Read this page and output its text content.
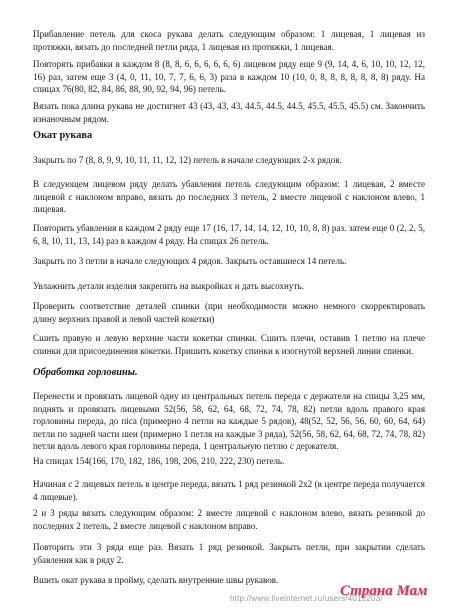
Прибавление петель для скоса рукава делать следующим образом: 1 лицевая, 1 лицевая из протяжки, вязать до последней петли ряда, 1 лицевая из протяжки, 1 лицевая.

Повторять прибавки в каждом 8 (8, 8, 6, 6, 6, 6, 6, 6) лицевом ряду еще 9 (9, 14, 4, 6, 10, 10, 12, 12, 16) раз, затем еще 3 (4, 0, 11, 10, 7, 7, 6, 6, 3) раза в каждом 10 (10, 0, 8, 8, 8, 8, 8, 8, 8) ряду. На спицах 76(80, 82, 84, 86, 88, 90, 92, 94, 96) петель.

Вязать пока длина рукава не достигнет 43 (43, 43, 43, 44.5, 44.5, 44.5, 45.5, 45.5, 45.5) см. Закончить изнаночным рядом.

Окат рукава

Закрыть по 7 (8, 8, 9, 9, 10, 11, 11, 12, 12) петель в начале следующих 2-х рядов.

В следующем лицевом ряду делать убавления петель следующим образом: 1 лицевая, 2 вместе лицевой с наклоном вправо, вязать до последних 3 петель, 2 вместе лицевой с наклоном влево, 1 лицевая.

Повторить убавления в каждом 2 ряду еще 17 (16, 17, 14, 14, 12, 10, 10, 8, 8) раз. затем еще 0 (2, 2, 5, 6, 8, 10, 11, 13, 14) раз в каждом 4 ряду. На спицах 26 петель.

Закрыть по 3 петли в начале следующих 4 рядов. Закрыть оставшиеся 14 петель.

Увлажнить детали изделия закрепить на выкройках и дать высохнуть.

Проверить соответствие деталей спинки (при необходимости можно немного скорректировать длину верхних правой и левой частей кокетки)

Сшить правую и левую верхние части кокетки спинки. Сшить плечи, оставив 1 петлю на плече спинки для присоединения кокетки. Пришить кокетку спинки к изогнутой верхней линии спинки.

Обработка горловины.

Перенести и провязать лицевой одну из центральных петель переда с держателя на спицы 3,25 мм, поднять и провязать лицевыми 52(56, 58, 62, 64, 68, 72, 74, 78, 82) петли вдоль правого края горловины переда, до пica (примерно 4 петли на каждые 5 рядов), 48(52, 52, 56, 56, 60, 60, 64, 64) петли по задней части шеи (примерно 1 петля на каждые 3 ряда), 52(56, 58, 62, 64, 68, 72, 74, 78, 82) петли вдоль левого края горловины переда, 1 центральную петлю с держателя.

На спицах 154(166, 170, 182, 186, 198, 206, 210, 222, 230) петель.

Начиная с 2 лицевых петель в центре переда, вязать 1 ряд резинкой 2х2 (в центре переда получается 4 лицевые).

2 и 3 ряды вязать следующим образом: 2 вместе лицевой с наклоном влево, вязать резинкой до последних 2 петель, 2 вместе лицевой с наклоном вправо.

Повторить эти 3 ряда еще раз. Вязать 1 ряд резинкой. Закрыть петли, при закрытии сделать убавления как в ряду 2.

Вшить окат рукава в пройму, сделать внутренние швы рукавов.

http://www.liveinternet.ru/users/4012203/
Страна Мам
